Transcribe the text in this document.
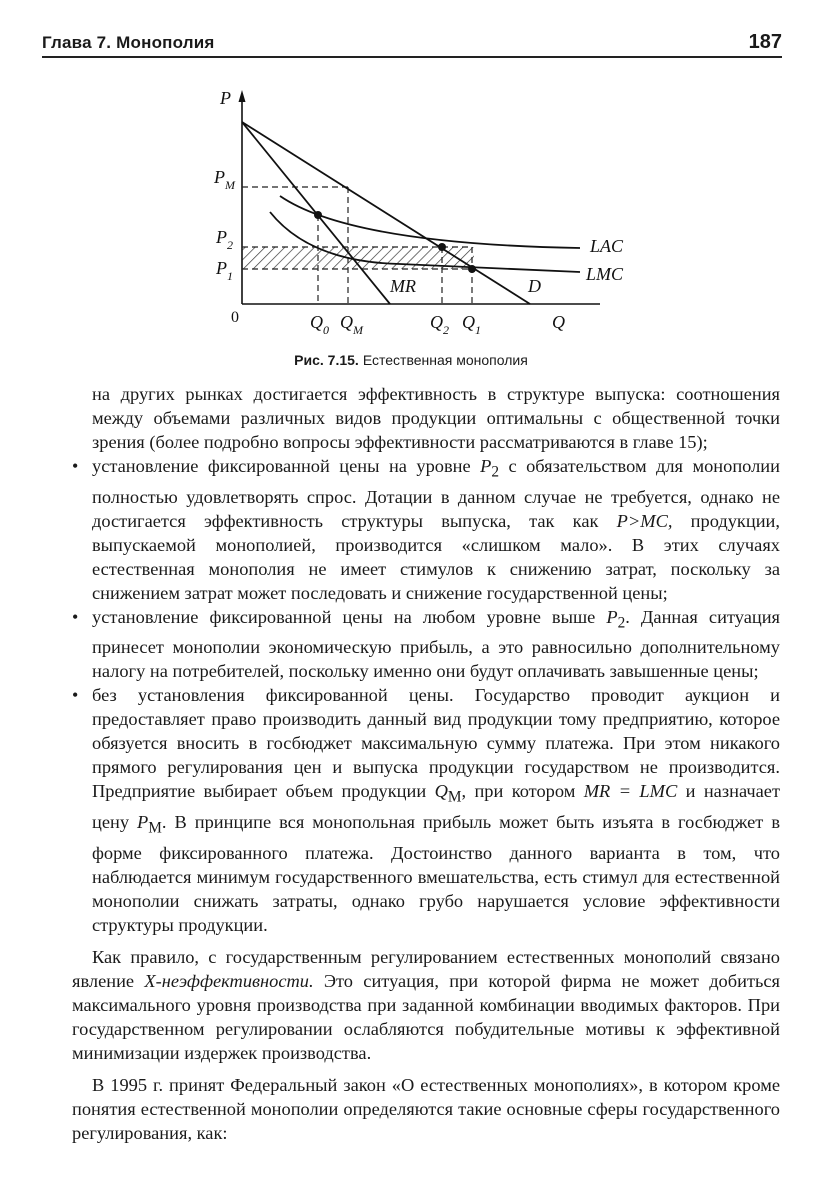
Глава 7. Монополия	187
P
Q
0
$P_M$
$P_2$
$P_1$
$Q_0$ $Q_M$	$Q_2$ $Q_1$
MR	D
LAC
LMC
Рис. 7.15. Естественная монополия

на других рынках достигается эффективность в структуре выпуска: соотношения между объемами различных видов продукции оптимальны с общественной точки зрения (более подробно вопросы эффективности рассматриваются в главе 15);

• установление фиксированной цены на уровне $P_2$ с обязательством для монополии полностью удовлетворять спрос. Дотации в данном случае не требуется, однако не достигается эффективность структуры выпуска, так как P>MC, продукции, выпускаемой монополией, производится «слишком мало». В этих случаях естественная монополия не имеет стимулов к снижению затрат, поскольку за снижением затрат может последовать и снижение государственной цены;

• установление фиксированной цены на любом уровне выше $P_2$. Данная ситуация принесет монополии экономическую прибыль, а это равносильно дополнительному налогу на потребителей, поскольку именно они будут оплачивать завышенные цены;

• без установления фиксированной цены. Государство проводит аукцион и предоставляет право производить данный вид продукции тому предприятию, которое обязуется вносить в госбюджет максимальную сумму платежа. При этом никакого прямого регулирования цен и выпуска продукции государством не производится. Предприятие выбирает объем продукции $Q_M$, при котором MR = LMC и назначает цену $P_M$. В принципе вся монопольная прибыль может быть изъята в госбюджет в форме фиксированного платежа. Достоинство данного варианта в том, что наблюдается минимум государственного вмешательства, есть стимул для естественной монополии снижать затраты, однако грубо нарушается условие эффективности структуры продукции.

Как правило, с государственным регулированием естественных монополий связано явление Х-неэффективности. Это ситуация, при которой фирма не может добиться максимального уровня производства при заданной комбинации вводимых факторов. При государственном регулировании ослабляются побудительные мотивы к эффективной минимизации издержек производства.

В 1995 г. принят Федеральный закон «О естественных монополиях», в котором кроме понятия естественной монополии определяются такие основные сферы государственного регулирования, как:
